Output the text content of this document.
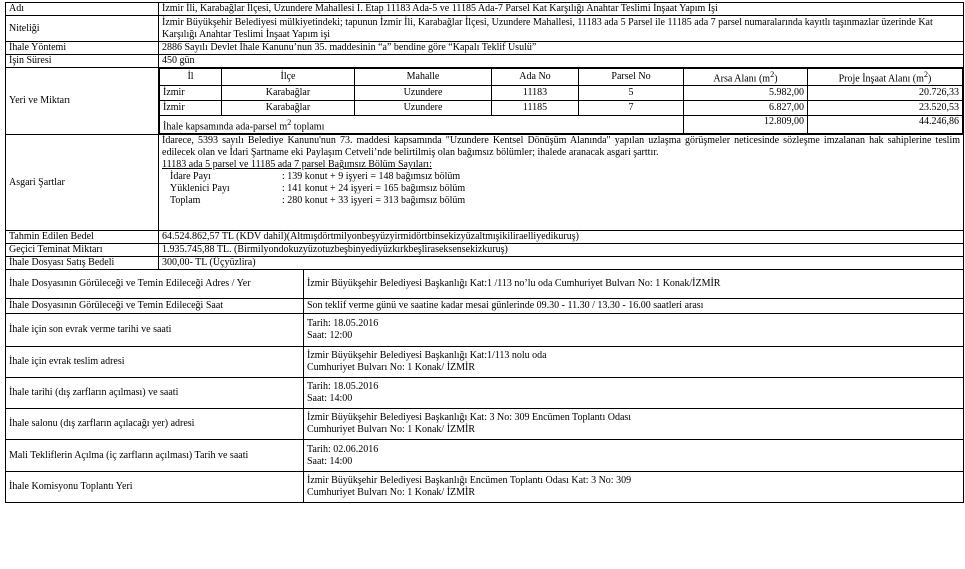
Adı	İzmir İli, Karabağlar İlçesi, Uzundere Mahallesi I. Etap 11183 Ada-5 ve 11185 Ada-7 Parsel Kat Karşılığı Anahtar Teslimi İnşaat Yapım İşi
Niteliği	İzmir Büyükşehir Belediyesi mülkiyetindeki; tapunun İzmir İli, Karabağlar İlçesi, Uzundere Mahallesi, 11183 ada 5 Parsel ile 11185 ada 7 parsel numaralarında kayıtlı taşınmazlar üzerinde Kat Karşılığı Anahtar Teslimi İnşaat Yapım işi
İhale Yöntemi	2886 Sayılı Devlet İhale Kanunu’nun 35. maddesinin “a” bendine göre “Kapalı Teklif Usulü”
İşin Süresi	450 gün
Yeri ve Miktarı	
İl	İlçe	Mahalle	Ada No	Parsel No	Arsa Alanı $(m^2)$	Proje İnşaat Alanı $(m^2)$
İzmir	Karabağlar	Uzundere	11183	5	5.982,00	20.726,33
İzmir	Karabağlar	Uzundere	11185	7	6.827,00	23.520,53
İhale kapsamında ada-parsel $m^2$ toplamı	12.809,00	44.246,86

Asgari Şartlar	
İdarece, 5393 sayılı Belediye Kanunu'nun 73. maddesi kapsamında "Uzundere Kentsel Dönüşüm Alanında" yapılan uzlaşma görüşmeler neticesinde sözleşme imzalanan hak sahiplerine teslim edilecek olan ve İdari Şartname eki Paylaşım Cetveli’nde belirtilmiş olan bağımsız bölümler; ihalede aranacak asgari şarttır.
11183 ada 5 parsel ve 11185 ada 7 parsel Bağımsız Bölüm Sayıları:
İdare Payı	: 139 konut + 9 işyeri = 148 bağımsız bölüm
Yüklenici Payı	: 141 konut + 24 işyeri = 165 bağımsız bölüm
Toplam	: 280 konut + 33 işyeri = 313 bağımsız bölüm

Tahmin Edilen Bedel	64.524.862,57 TL (KDV dahil)(Altmışdörtmilyonbeşyüzyirmidörtbinsekizyüzaltmışikiliraelliyedikuruş)
Geçici Teminat Miktarı	1.935.745,88 TL. (Birmilyondokuzyüzotuzbeşbinyediyüzkırkbeşliraseksensekizkuruş)
İhale Dosyası Satış Bedeli	300,00- TL (Üçyüzlira)	
İhale Dosyasının Görüleceği ve Temin Edileceği Adres / Yer		İzmir Büyükşehir Belediyesi Başkanlığı Kat:1 /113 no’lu oda Cumhuriyet Bulvarı No: 1 Konak/İZMİR

İhale Dosyasının Görüleceği ve Temin Edileceği Saat		Son teklif verme günü ve saatine kadar mesai günlerinde 09.30 - 11.30 / 13.30 - 16.00 saatleri arası
İhale için son evrak verme tarihi ve saati		Tarih: 18.05.2016
Saat: 12:00

İhale için evrak teslim adresi		İzmir Büyükşehir Belediyesi Başkanlığı Kat:1/113 nolu oda
Cumhuriyet Bulvarı No: 1 Konak/ İZMİR

İhale tarihi (dış zarfların açılması) ve saati		Tarih: 18.05.2016
Saat: 14:00

İhale salonu (dış zarfların açılacağı yer) adresi		İzmir Büyükşehir Belediyesi Başkanlığı Kat: 3 No: 309 Encümen Toplantı Odası
Cumhuriyet Bulvarı No: 1 Konak/ İZMİR

Mali Tekliflerin Açılma (iç zarfların açılması) Tarih ve saati		Tarih: 02.06.2016
Saat: 14:00

İhale Komisyonu Toplantı Yeri		İzmir Büyükşehir Belediyesi Başkanlığı Encümen Toplantı Odası Kat: 3 No: 309
Cumhuriyet Bulvarı No: 1 Konak/ İZMİR
